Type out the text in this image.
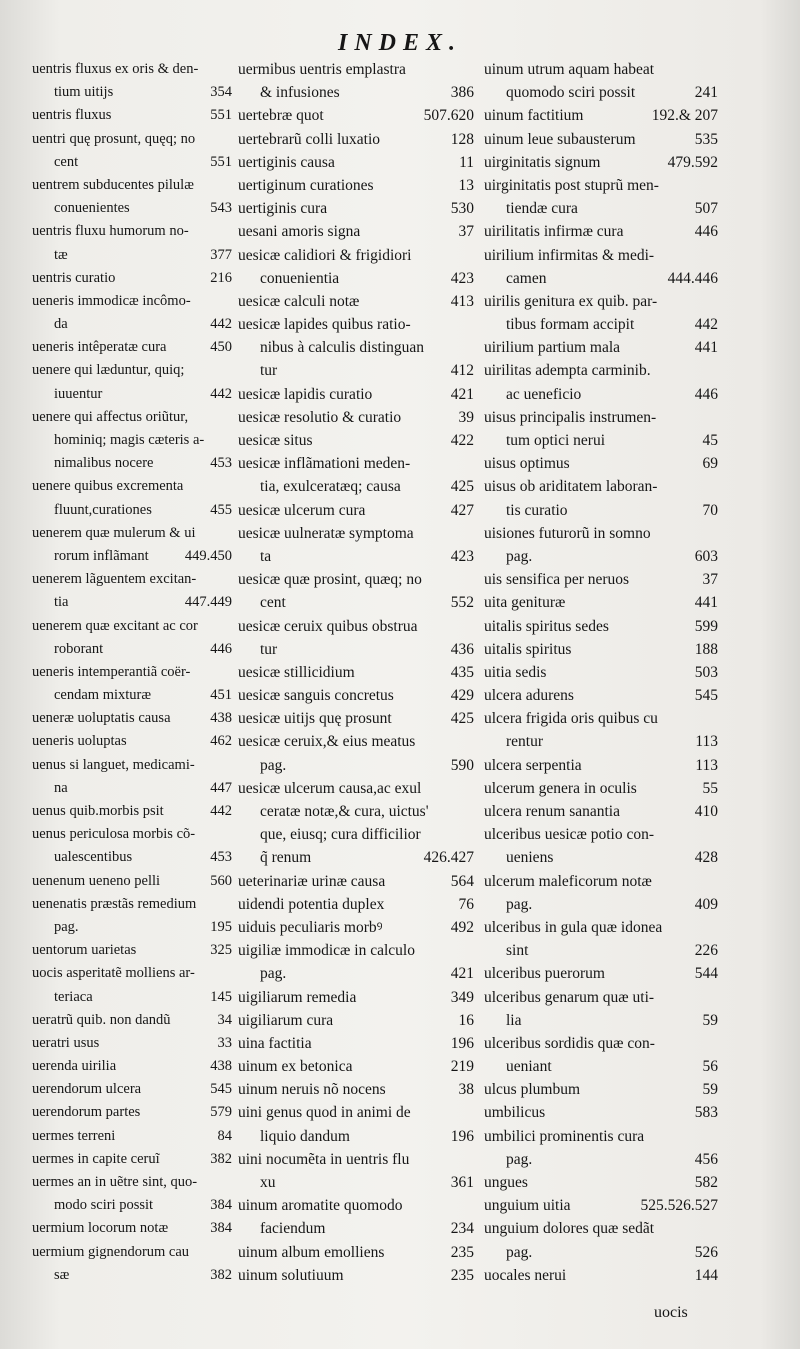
INDEX.
uentris fluxus ex oris & den-
tium uitijs	354
uentris fluxus	551
uentri quę prosunt, quęq; no
cent	551
uentrem subducentes pilulæ
conuenientes	543
uentris fluxu humorum no-
tæ	377
uentris curatio	216
ueneris immodicæ incômo-
da	442
ueneris intêperatæ cura	450
uenere qui læduntur, quiq;
iuuentur	442
uenere qui affectus oriũtur,
hominiq; magis cæteris a-
nimalibus nocere	453
uenere quibus excrementa
fluunt,curationes	455
uenerem quæ mulerum & ui
rorum inflãmant 449.450
uenerem lãguentem excitan-
tia	447.449
uenerem quæ excitant ac cor
roborant	446
ueneris intemperantiã coër-
cendam mixturæ	451
ueneræ uoluptatis causa	438
ueneris uoluptas	462
uenus si languet, medicami-
na	447
uenus quib.morbis psit	442
uenus periculosa morbis cõ-
ualescentibus	453
uenenum ueneno pelli	560
uenenatis præstãs remedium
pag.	195
uentorum uarietas	325
uocis asperitatẽ molliens ar-
teriaca	145
ueratrũ quib. non dandũ	34
ueratri usus	33
uerenda uirilia	438
uerendorum ulcera	545
uerendorum partes	579
uermes terreni	84
uermes in capite ceruĩ	382
uermes an in uẽtre sint, quo-
modo sciri possit	384
uermium locorum notæ	384
uermium gignendorum cau
sæ	382
uermibus uentris emplastra
& infusiones	386
uertebræ quot	507.620
uertebrarũ colli luxatio	128
uertiginis causa	11
uertiginum curationes	13
uertiginis cura	530
uesani amoris signa	37
uesicæ calidiori & frigidiori
conuenientia	423
uesicæ calculi notæ	413
uesicæ lapides quibus ratio-
nibus à calculis distinguan
tur	412
uesicæ lapidis curatio	421
uesicæ resolutio & curatio	39
uesicæ situs	422
uesicæ inflãmationi meden-
tia, exulceratæq; causa	425
uesicæ ulcerum cura	427
uesicæ uulneratæ symptoma
ta	423
uesicæ quæ prosint, quæq; no
cent	552
uesicæ ceruix quibus obstrua
tur	436
uesicæ stillicidium	435
uesicæ sanguis concretus	429
uesicæ uitijs quę prosunt	425
uesicæ ceruix,& eius meatus
pag.	590
uesicæ ulcerum causa,ac exul
ceratæ notæ,& cura, uictus'
que, eiusq; cura difficilior
q̃ renum	426.427
ueterinariæ urinæ causa	564
uidendi potentia duplex	76
uiduis peculiaris morbꝰ	492
uigiliæ immodicæ in calculo
pag.	421
uigiliarum remedia	349
uigiliarum cura	16
uina factitia	196
uinum ex betonica	219
uinum neruis nõ nocens	38
uini genus quod in animi de
liquio dandum	196
uini nocumẽta in uentris flu
xu	361
uinum aromatite quomodo
faciendum	234
uinum album emolliens	235
uinum solutiuum	235
uinum utrum aquam habeat
quomodo sciri possit	241
uinum factitium	192.& 207
uinum leue subausterum	535
uirginitatis signum	479.592
uirginitatis post stuprũ men-
tiendæ cura	507
uirilitatis infirmæ cura	446
uirilium infirmitas & medi-
camen	444.446
uirilis genitura ex quib. par-
tibus formam accipit	442
uirilium partium mala	441
uirilitas adempta carminib.
ac ueneficio	446
uisus principalis instrumen-
tum optici nerui	45
uisus optimus	69
uisus ob ariditatem laboran-
tis curatio	70
uisiones futurorũ in somno
pag.	603
uis sensifica per neruos	37
uita genituræ	441
uitalis spiritus sedes	599
uitalis spiritus	188
uitia sedis	503
ulcera adurens	545
ulcera frigida oris quibus cu
rentur	113
ulcera serpentia	113
ulcerum genera in oculis	55
ulcera renum sanantia	410
ulceribus uesicæ potio con-
ueniens	428
ulcerum maleficorum notæ
pag.	409
ulceribus in gula quæ idonea
sint	226
ulceribus puerorum	544
ulceribus genarum quæ uti-
lia	59
ulceribus sordidis quæ con-
ueniant	56
ulcus plumbum	59
umbilicus	583
umbilici prominentis cura
pag.	456
ungues	582
unguium uitia	525.526.527
unguium dolores quæ sedãt
pag.	526
uocales nerui	144
uocis
